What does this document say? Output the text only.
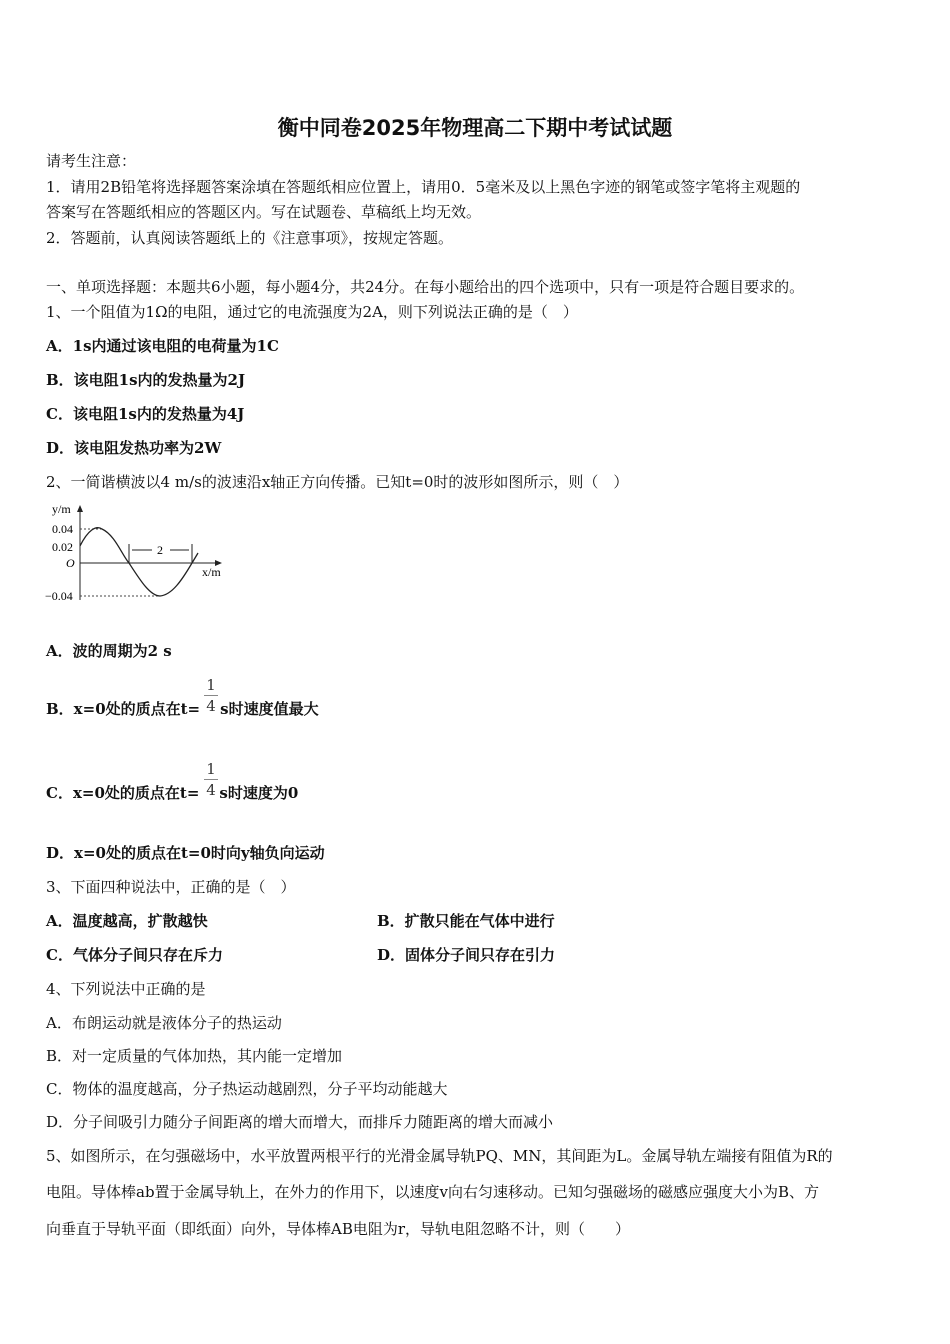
衡中同卷2025年物理高二下期中考试试题
请考生注意：
1．请用2B铅笔将选择题答案涂填在答题纸相应位置上，请用0．5毫米及以上黑色字迹的钢笔或签字笔将主观题的
答案写在答题纸相应的答题区内。写在试题卷、草稿纸上均无效。
2．答题前，认真阅读答题纸上的《注意事项》，按规定答题。
一、单项选择题：本题共6小题，每小题4分，共24分。在每小题给出的四个选项中，只有一项是符合题目要求的。
1、一个阻值为1Ω的电阻，通过它的电流强度为2A，则下列说法正确的是（　）
A．1s内通过该电阻的电荷量为1C
B．该电阻1s内的发热量为2J
C．该电阻1s内的发热量为4J
D．该电阻发热功率为2W
2、一简谐横波以4 m/s的波速沿x轴正方向传播。已知t=0时的波形如图所示，则（　）
y/m
x/m
O
0.04
0.02
−0.04
2
A．波的周期为2 s
1
4
B．x=0处的质点在t= s时速度值最大
1
4
C．x=0处的质点在t= s时速度为0
D．x=0处的质点在t=0时向y轴负向运动
3、下面四种说法中，正确的是（　）
A．温度越高，扩散越快	B．扩散只能在气体中进行
C．气体分子间只存在斥力	D．固体分子间只存在引力
4、下列说法中正确的是
A．布朗运动就是液体分子的热运动
B．对一定质量的气体加热，其内能一定增加
C．物体的温度越高，分子热运动越剧烈，分子平均动能越大
D．分子间吸引力随分子间距离的增大而增大，而排斥力随距离的增大而减小
5、如图所示，在匀强磁场中，水平放置两根平行的光滑金属导轨PQ、MN，其间距为L。金属导轨左端接有阻值为R的
电阻。导体棒ab置于金属导轨上，在外力的作用下，以速度v向右匀速移动。已知匀强磁场的磁感应强度大小为B、方
向垂直于导轨平面（即纸面）向外，导体棒AB电阻为r，导轨电阻忽略不计，则（　　）
